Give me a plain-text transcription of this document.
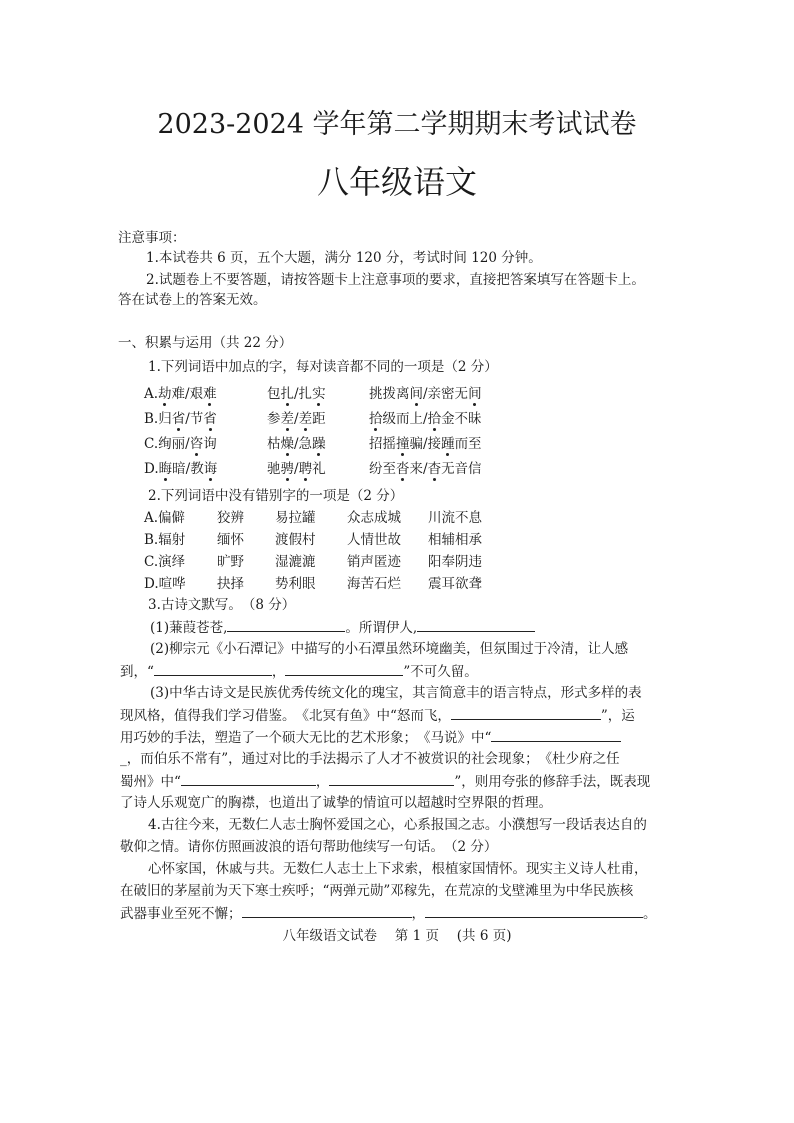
2023-2024 学年第二学期期末考试试卷
八年级语文
注意事项：
1.本试卷共 6 页，五个大题，满分 120 分，考试时间 120 分钟。
2.试题卷上不要答题，请按答题卡上注意事项的要求，直接把答案填写在答题卡上。
答在试卷上的答案无效。
一、积累与运用（共 22 分）
1.下列词语中加点的字，每对读音都不同的一项是（2 分）
A.劫难/艰难	包扎/扎实	挑拨离间/亲密无间
B.归省/节省	参差/差距	拾级而上/拾金不昧
C.绚丽/咨询	枯燥/急躁	招摇撞骗/接踵而至
D.晦暗/教诲	驰骋/聘礼	纷至沓来/杳无音信
2.下列词语中没有错别字的一项是（2 分）
A.偏僻 狡辨 易拉罐 众志成城 川流不息
B.辐射 缅怀 渡假村 人情世故 相辅相承
C.演绎 旷野 湿漉漉 销声匿迹 阳奉阴违
D.喧哗 抉择 势利眼 海苦石烂 震耳欲聋
3.古诗文默写。　（8 分）
(1)蒹葭苍苍,	。所谓伊人,
(2)柳宗元《小石潭记》中描写的小石潭虽然环境幽美，但氛围过于冷清，让人感
到，“	，	”不可久留。
(3)中华古诗文是民族优秀传统文化的瑰宝，其言简意丰的语言特点，形式多样的表
现风格，值得我们学习借鉴。　《北冥有鱼》中“怒而飞，	”，运
用巧妙的手法，塑造了一个硕大无比的艺术形象；　《马说》中“
_，而伯乐不常有”，通过对比的手法揭示了人才不被赏识的社会现象；　《杜少府之任
蜀州》中“	，	”，则用夸张的修辞手法，既表现
了诗人乐观宽广的胸襟，也道出了诚挚的情谊可以超越时空界限的哲理。
4.古往今来，无数仁人志士胸怀爱国之心，心系报国之志。小濮想写一段话表达自的
敬仰之情。请你仿照画波浪的语句帮助他续写一句话。　（2 分）
心怀家国，休戚与共。无数仁人志士上下求索，根植家国情怀。现实主义诗人杜甫，
在破旧的茅屋前为天下寒士疾呼；“两弹元勋”邓稼先，在荒凉的戈壁滩里为中华民族核
武器事业至死不懈；	，	。
八年级语文试卷　 第 1 页　 (共 6 页)
